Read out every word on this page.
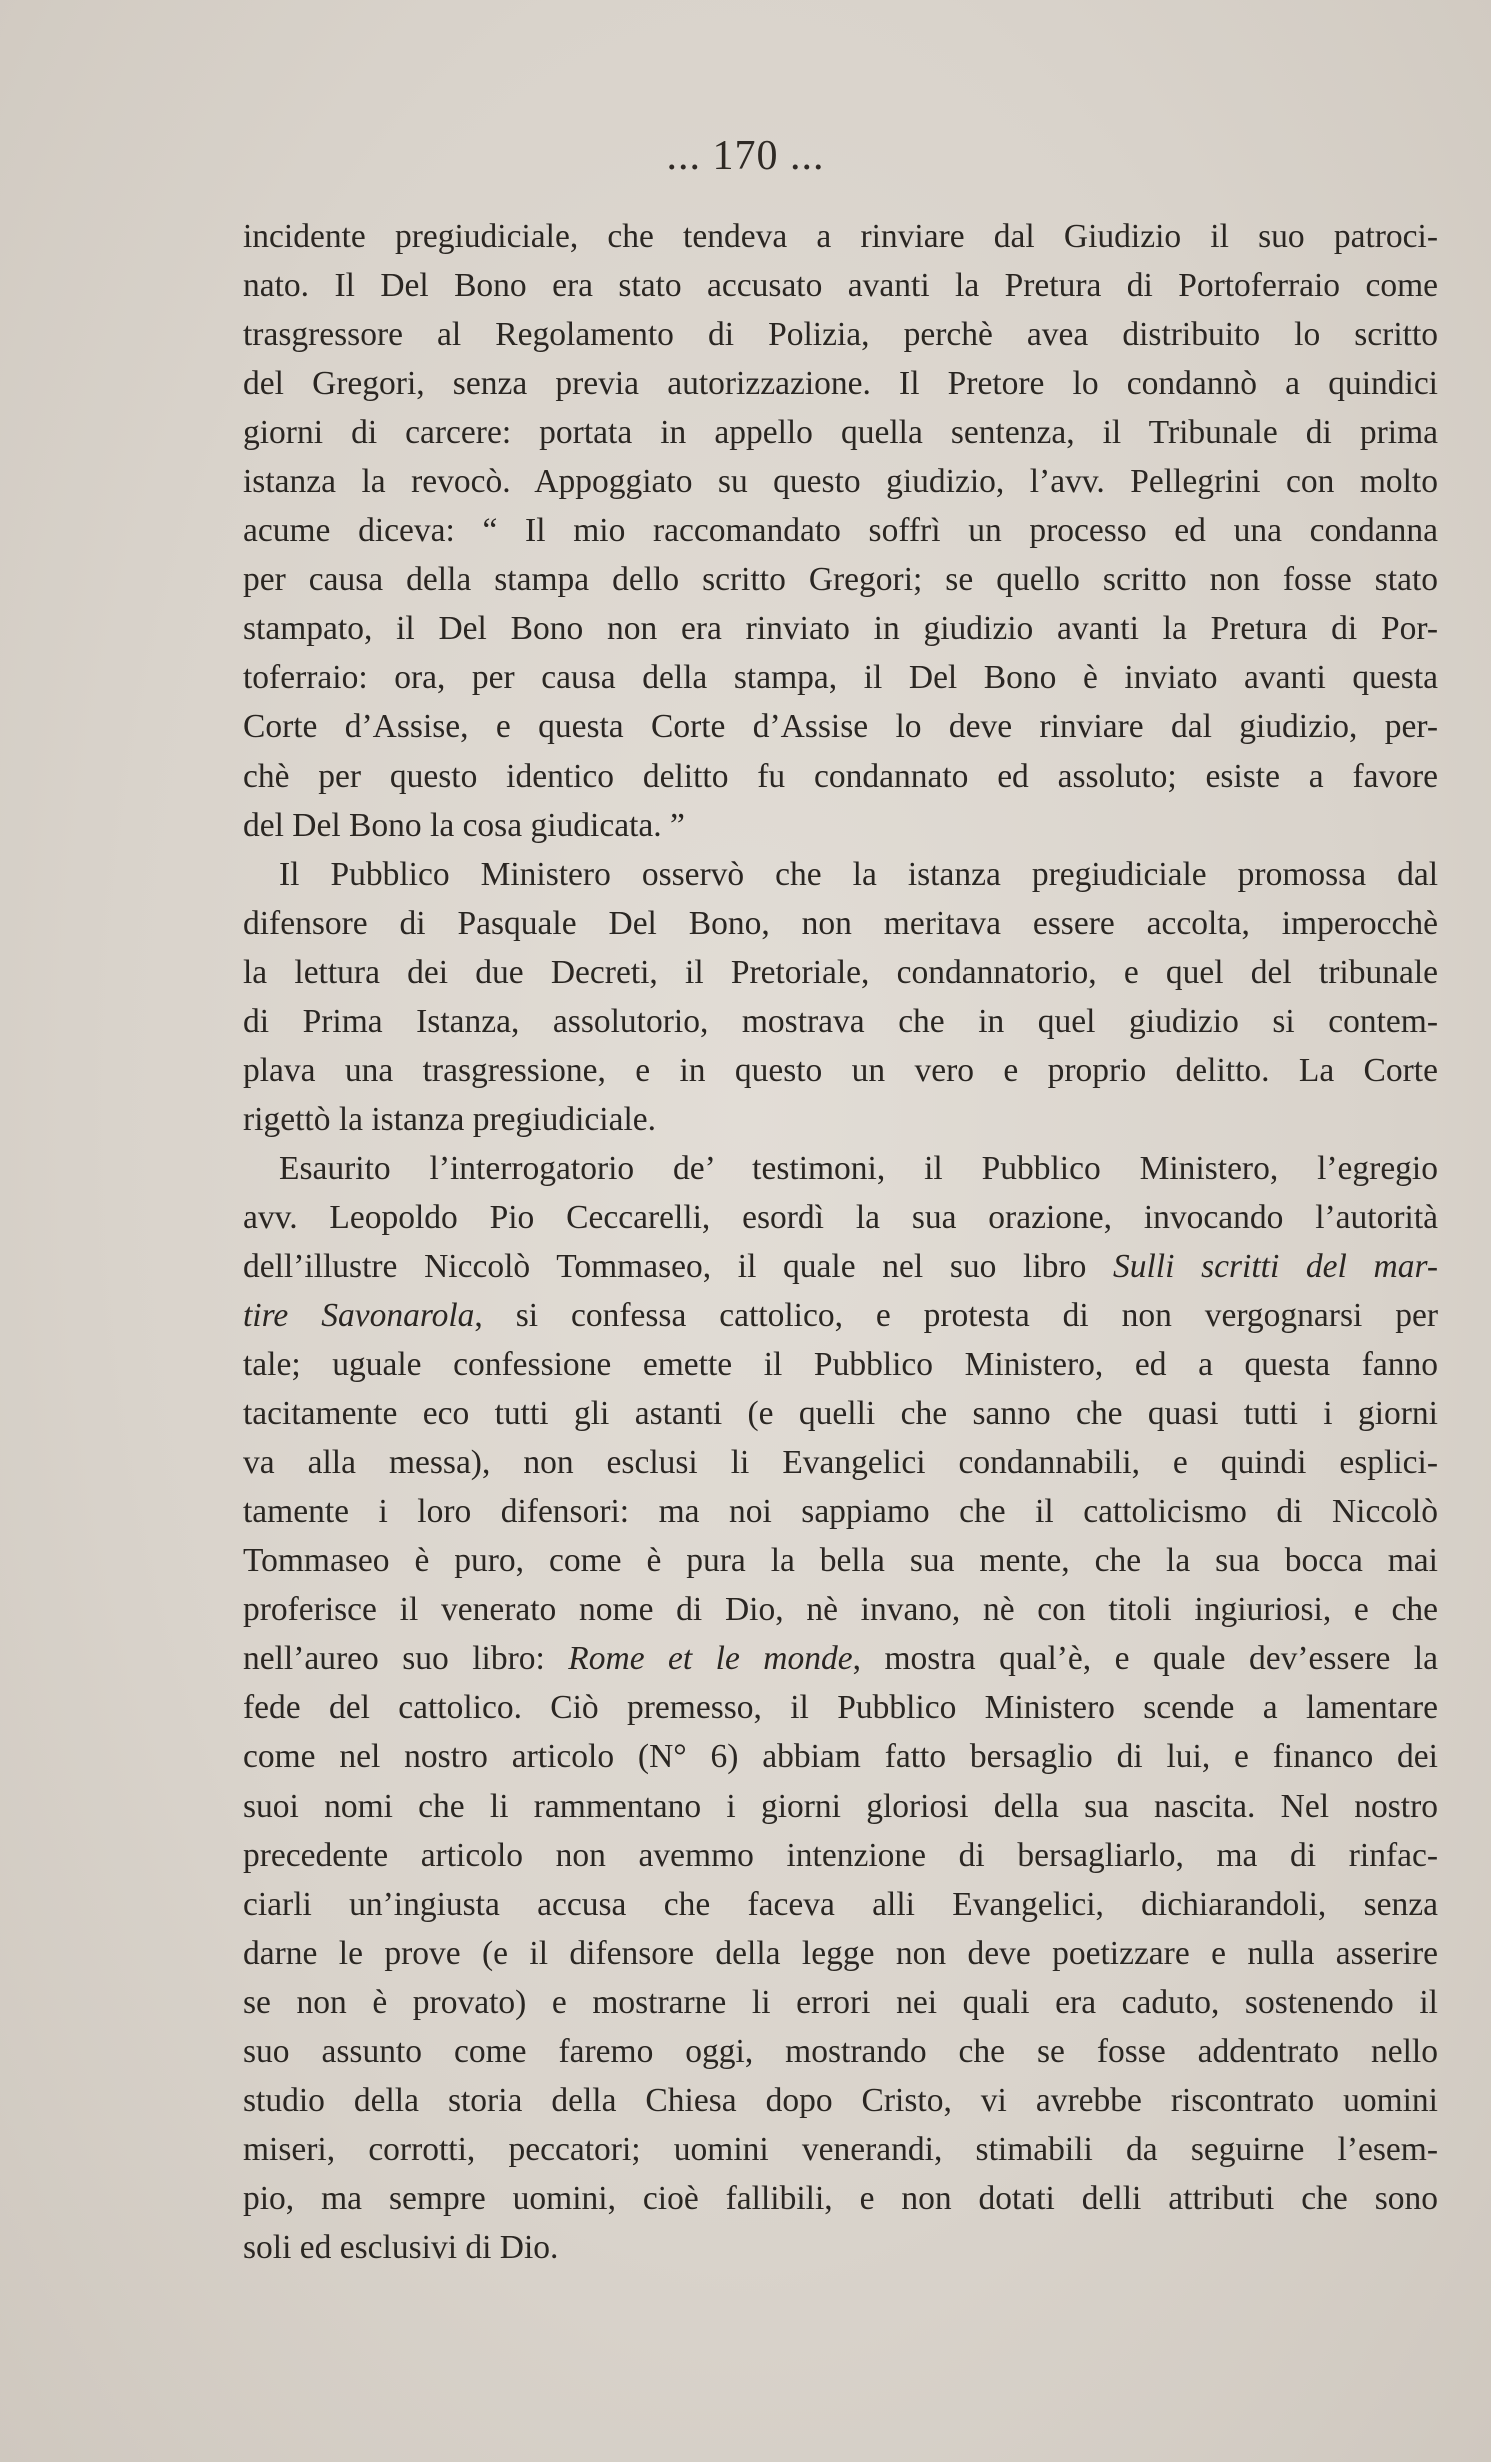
... 170 ...
incidente pregiudiciale, che tendeva a rinviare dal Giudizio il suo patroci-
nato. Il Del Bono era stato accusato avanti la Pretura di Portoferraio come
trasgressore al Regolamento di Polizia, perchè avea distribuito lo scritto
del Gregori, senza previa autorizzazione. Il Pretore lo condannò a quindici
giorni di carcere: portata in appello quella sentenza, il Tribunale di prima
istanza la revocò. Appoggiato su questo giudizio, l’avv. Pellegrini con molto
acume diceva: “ Il mio raccomandato soffrì un processo ed una condanna
per causa della stampa dello scritto Gregori; se quello scritto non fosse stato
stampato, il Del Bono non era rinviato in giudizio avanti la Pretura di Por-
toferraio: ora, per causa della stampa, il Del Bono è inviato avanti questa
Corte d’Assise, e questa Corte d’Assise lo deve rinviare dal giudizio, per-
chè per questo identico delitto fu condannato ed assoluto; esiste a favore
del Del Bono la cosa giudicata. ”
Il Pubblico Ministero osservò che la istanza pregiudiciale promossa dal
difensore di Pasquale Del Bono, non meritava essere accolta, imperocchè
la lettura dei due Decreti, il Pretoriale, condannatorio, e quel del tribunale
di Prima Istanza, assolutorio, mostrava che in quel giudizio si contem-
plava una trasgressione, e in questo un vero e proprio delitto. La Corte
rigettò la istanza pregiudiciale.
Esaurito l’interrogatorio de’ testimoni, il Pubblico Ministero, l’egregio
avv. Leopoldo Pio Ceccarelli, esordì la sua orazione, invocando l’autorità
dell’illustre Niccolò Tommaseo, il quale nel suo libro Sulli scritti del mar-
tire Savonarola, si confessa cattolico, e protesta di non vergognarsi per
tale; uguale confessione emette il Pubblico Ministero, ed a questa fanno
tacitamente eco tutti gli astanti (e quelli che sanno che quasi tutti i giorni
va alla messa), non esclusi li Evangelici condannabili, e quindi esplici-
tamente i loro difensori: ma noi sappiamo che il cattolicismo di Niccolò
Tommaseo è puro, come è pura la bella sua mente, che la sua bocca mai
proferisce il venerato nome di Dio, nè invano, nè con titoli ingiuriosi, e che
nell’aureo suo libro: Rome et le monde, mostra qual’è, e quale dev’essere la
fede del cattolico. Ciò premesso, il Pubblico Ministero scende a lamentare
come nel nostro articolo (N° 6) abbiam fatto bersaglio di lui, e financo dei
suoi nomi che li rammentano i giorni gloriosi della sua nascita. Nel nostro
precedente articolo non avemmo intenzione di bersagliarlo, ma di rinfac-
ciarli un’ingiusta accusa che faceva alli Evangelici, dichiarandoli, senza
darne le prove (e il difensore della legge non deve poetizzare e nulla asserire
se non è provato) e mostrarne li errori nei quali era caduto, sostenendo il
suo assunto come faremo oggi, mostrando che se fosse addentrato nello
studio della storia della Chiesa dopo Cristo, vi avrebbe riscontrato uomini
miseri, corrotti, peccatori; uomini venerandi, stimabili da seguirne l’esem-
pio, ma sempre uomini, cioè fallibili, e non dotati delli attributi che sono
soli ed esclusivi di Dio.
